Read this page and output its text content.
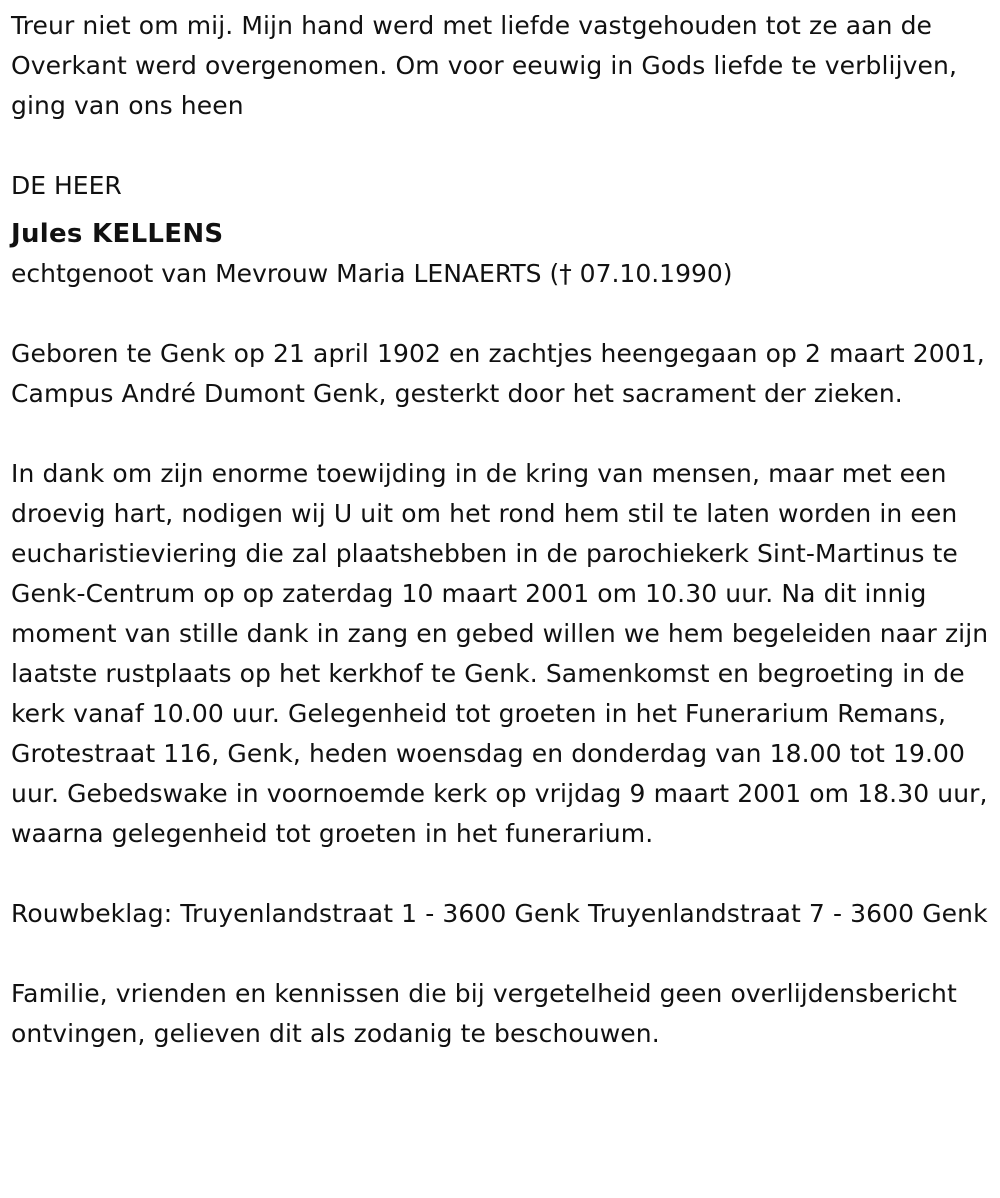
Treur niet om mij. Mijn hand werd met liefde vastgehouden tot ze aan de Overkant werd overgenomen. Om voor eeuwig in Gods liefde te verblijven, ging van ons heen

DE HEER

Jules KELLENS

echtgenoot van Mevrouw Maria LENAERTS († 07.10.1990)

Geboren te Genk op 21 april 1902 en zachtjes heengegaan op 2 maart 2001, Campus André Dumont Genk, gesterkt door het sacrament der zieken.

In dank om zijn enorme toewijding in de kring van mensen, maar met een droevig hart, nodigen wij U uit om het rond hem stil te laten worden in een eucharistieviering die zal plaatshebben in de parochiekerk Sint-Martinus te Genk-Centrum op op zaterdag 10 maart 2001 om 10.30 uur. Na dit innig moment van stille dank in zang en gebed willen we hem begeleiden naar zijn laatste rustplaats op het kerkhof te Genk. Samenkomst en begroeting in de kerk vanaf 10.00 uur. Gelegenheid tot groeten in het Funerarium Remans, Grotestraat 116, Genk, heden woensdag en donderdag van 18.00 tot 19.00 uur. Gebedswake in voornoemde kerk op vrijdag 9 maart 2001 om 18.30 uur, waarna gelegenheid tot groeten in het funerarium.

Rouwbeklag: Truyenlandstraat 1 - 3600 Genk Truyenlandstraat 7 - 3600 Genk

Familie, vrienden en kennissen die bij vergetelheid geen overlijdensbericht ontvingen, gelieven dit als zodanig te beschouwen.
